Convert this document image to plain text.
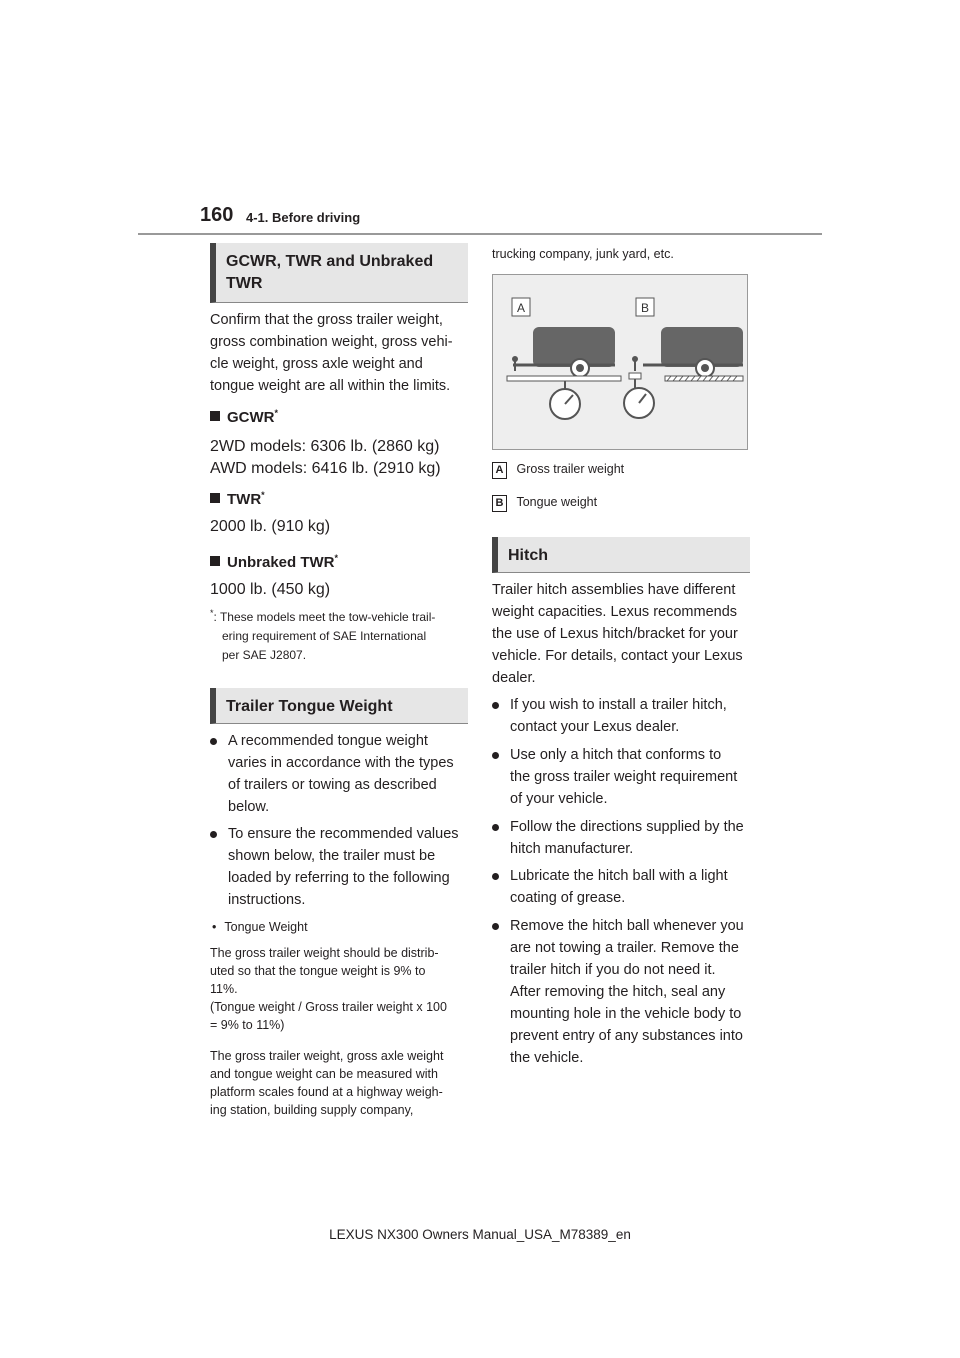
160 4-1. Before driving
GCWR, TWR and Unbraked TWR
Confirm that the gross trailer weight,
gross combination weight, gross vehi-
cle weight, gross axle weight and
tongue weight are all within the limits.
GCWR*
2WD models: 6306 lb. (2860 kg)
AWD models: 6416 lb. (2910 kg)
TWR*
2000 lb. (910 kg)
Unbraked TWR*
1000 lb. (450 kg)
*: These models meet the tow-vehicle trail-
ering requirement of SAE International
per SAE J2807.
Trailer Tongue Weight
A recommended tongue weight
varies in accordance with the types
of trailers or towing as described
below.
To ensure the recommended values
shown below, the trailer must be
loaded by referring to the following
instructions.
• Tongue Weight
The gross trailer weight should be distrib-
uted so that the tongue weight is 9% to
11%.
(Tongue weight / Gross trailer weight x 100
= 9% to 11%)
The gross trailer weight, gross axle weight
and tongue weight can be measured with
platform scales found at a highway weigh-
ing station, building supply company,
trucking company, junk yard, etc.
A	B
A Gross trailer weight
B Tongue weight
Hitch
Trailer hitch assemblies have different
weight capacities. Lexus recommends
the use of Lexus hitch/bracket for your
vehicle. For details, contact your Lexus
dealer.
If you wish to install a trailer hitch,
contact your Lexus dealer.
Use only a hitch that conforms to
the gross trailer weight requirement
of your vehicle.
Follow the directions supplied by the
hitch manufacturer.
Lubricate the hitch ball with a light
coating of grease.
Remove the hitch ball whenever you
are not towing a trailer. Remove the
trailer hitch if you do not need it.
After removing the hitch, seal any
mounting hole in the vehicle body to
prevent entry of any substances into
the vehicle.
LEXUS NX300 Owners Manual_USA_M78389_en
